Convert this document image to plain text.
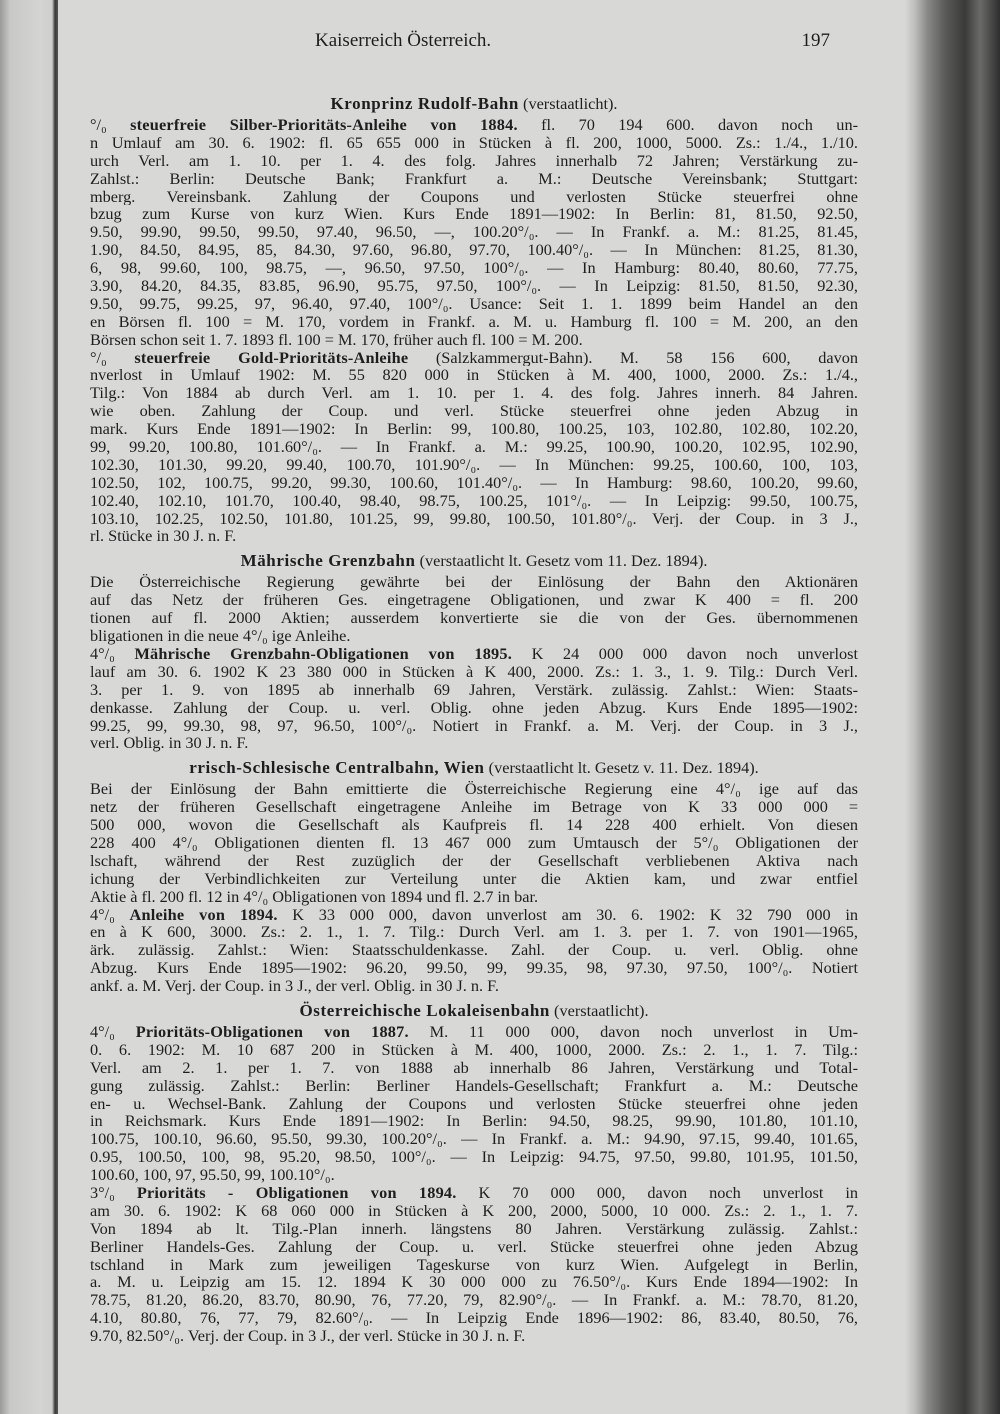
Kaiserreich Österreich.	197
Kronprinz Rudolf-Bahn (verstaatlicht).
°/₀ steuerfreie Silber-Prioritäts-Anleihe von 1884. fl. 70 194 600. davon noch un-
n Umlauf am 30. 6. 1902: fl. 65 655 000 in Stücken à fl. 200, 1000, 5000. Zs.: 1./4., 1./10.
urch Verl. am 1. 10. per 1. 4. des folg. Jahres innerhalb 72 Jahren; Verstärkung zu-
Zahlst.: Berlin: Deutsche Bank; Frankfurt a. M.: Deutsche Vereinsbank; Stuttgart:
mberg. Vereinsbank. Zahlung der Coupons und verlosten Stücke steuerfrei ohne
bzug zum Kurse von kurz Wien. Kurs Ende 1891—1902: In Berlin: 81, 81.50, 92.50,
9.50, 99.90, 99.50, 99.50, 97.40, 96.50, —, 100.20°/₀. — In Frankf. a. M.: 81.25, 81.45,
1.90, 84.50, 84.95, 85, 84.30, 97.60, 96.80, 97.70, 100.40°/₀. — In München: 81.25, 81.30,
6, 98, 99.60, 100, 98.75, —, 96.50, 97.50, 100°/₀. — In Hamburg: 80.40, 80.60, 77.75,
3.90, 84.20, 84.35, 83.85, 96.90, 95.75, 97.50, 100°/₀. — In Leipzig: 81.50, 81.50, 92.30,
9.50, 99.75, 99.25, 97, 96.40, 97.40, 100°/₀. Usance: Seit 1. 1. 1899 beim Handel an den
en Börsen fl. 100 = M. 170, vordem in Frankf. a. M. u. Hamburg fl. 100 = M. 200, an den
Börsen schon seit 1. 7. 1893 fl. 100 = M. 170, früher auch fl. 100 = M. 200.
°/₀ steuerfreie Gold-Prioritäts-Anleihe (Salzkammergut-Bahn). M. 58 156 600, davon
nverlost in Umlauf 1902: M. 55 820 000 in Stücken à M. 400, 1000, 2000. Zs.: 1./4.,
Tilg.: Von 1884 ab durch Verl. am 1. 10. per 1. 4. des folg. Jahres innerh. 84 Jahren.
wie oben. Zahlung der Coup. und verl. Stücke steuerfrei ohne jeden Abzug in
mark. Kurs Ende 1891—1902: In Berlin: 99, 100.80, 100.25, 103, 102.80, 102.80, 102.20,
99, 99.20, 100.80, 101.60°/₀. — In Frankf. a. M.: 99.25, 100.90, 100.20, 102.95, 102.90,
102.30, 101.30, 99.20, 99.40, 100.70, 101.90°/₀. — In München: 99.25, 100.60, 100, 103,
102.50, 102, 100.75, 99.20, 99.30, 100.60, 101.40°/₀. — In Hamburg: 98.60, 100.20, 99.60,
102.40, 102.10, 101.70, 100.40, 98.40, 98.75, 100.25, 101°/₀. — In Leipzig: 99.50, 100.75,
103.10, 102.25, 102.50, 101.80, 101.25, 99, 99.80, 100.50, 101.80°/₀. Verj. der Coup. in 3 J.,
rl. Stücke in 30 J. n. F.
Mährische Grenzbahn (verstaatlicht lt. Gesetz vom 11. Dez. 1894).
Die Österreichische Regierung gewährte bei der Einlösung der Bahn den Aktionären
auf das Netz der früheren Ges. eingetragene Obligationen, und zwar K 400 = fl. 200
tionen auf fl. 2000 Aktien; ausserdem konvertierte sie die von der Ges. übernommenen
bligationen in die neue 4°/₀ ige Anleihe.
4°/₀ Mährische Grenzbahn-Obligationen von 1895. K 24 000 000 davon noch unverlost
lauf am 30. 6. 1902 K 23 380 000 in Stücken à K 400, 2000. Zs.: 1. 3., 1. 9. Tilg.: Durch Verl.
3. per 1. 9. von 1895 ab innerhalb 69 Jahren, Verstärk. zulässig. Zahlst.: Wien: Staats-
denkasse. Zahlung der Coup. u. verl. Oblig. ohne jeden Abzug. Kurs Ende 1895—1902:
99.25, 99, 99.30, 98, 97, 96.50, 100°/₀. Notiert in Frankf. a. M. Verj. der Coup. in 3 J.,
verl. Oblig. in 30 J. n. F.
rrisch-Schlesische Centralbahn, Wien (verstaatlicht lt. Gesetz v. 11. Dez. 1894).
Bei der Einlösung der Bahn emittierte die Österreichische Regierung eine 4°/₀ ige auf das
netz der früheren Gesellschaft eingetragene Anleihe im Betrage von K 33 000 000 =
500 000, wovon die Gesellschaft als Kaufpreis fl. 14 228 400 erhielt. Von diesen
228 400 4°/₀ Obligationen dienten fl. 13 467 000 zum Umtausch der 5°/₀ Obligationen der
lschaft, während der Rest zuzüglich der der Gesellschaft verbliebenen Aktiva nach
ichung der Verbindlichkeiten zur Verteilung unter die Aktien kam, und zwar entfiel
Aktie à fl. 200 fl. 12 in 4°/₀ Obligationen von 1894 und fl. 2.7 in bar.
4°/₀ Anleihe von 1894. K 33 000 000, davon unverlost am 30. 6. 1902: K 32 790 000 in
en à K 600, 3000. Zs.: 2. 1., 1. 7. Tilg.: Durch Verl. am 1. 3. per 1. 7. von 1901—1965,
ärk. zulässig. Zahlst.: Wien: Staatsschuldenkasse. Zahl. der Coup. u. verl. Oblig. ohne
Abzug. Kurs Ende 1895—1902: 96.20, 99.50, 99, 99.35, 98, 97.30, 97.50, 100°/₀. Notiert
ankf. a. M. Verj. der Coup. in 3 J., der verl. Oblig. in 30 J. n. F.
Österreichische Lokaleisenbahn (verstaatlicht).
4°/₀ Prioritäts-Obligationen von 1887. M. 11 000 000, davon noch unverlost in Um-
0. 6. 1902: M. 10 687 200 in Stücken à M. 400, 1000, 2000. Zs.: 2. 1., 1. 7. Tilg.:
Verl. am 2. 1. per 1. 7. von 1888 ab innerhalb 86 Jahren, Verstärkung und Total-
gung zulässig. Zahlst.: Berlin: Berliner Handels-Gesellschaft; Frankfurt a. M.: Deutsche
en- u. Wechsel-Bank. Zahlung der Coupons und verlosten Stücke steuerfrei ohne jeden
in Reichsmark. Kurs Ende 1891—1902: In Berlin: 94.50, 98.25, 99.90, 101.80, 101.10,
100.75, 100.10, 96.60, 95.50, 99.30, 100.20°/₀. — In Frankf. a. M.: 94.90, 97.15, 99.40, 101.65,
0.95, 100.50, 100, 98, 95.20, 98.50, 100°/₀. — In Leipzig: 94.75, 97.50, 99.80, 101.95, 101.50,
100.60, 100, 97, 95.50, 99, 100.10°/₀.
3°/₀ Prioritäts - Obligationen von 1894. K 70 000 000, davon noch unverlost in
am 30. 6. 1902: K 68 060 000 in Stücken à K 200, 2000, 5000, 10 000. Zs.: 2. 1., 1. 7.
Von 1894 ab lt. Tilg.-Plan innerh. längstens 80 Jahren. Verstärkung zulässig. Zahlst.:
Berliner Handels-Ges. Zahlung der Coup. u. verl. Stücke steuerfrei ohne jeden Abzug
tschland in Mark zum jeweiligen Tageskurse von kurz Wien. Aufgelegt in Berlin,
a. M. u. Leipzig am 15. 12. 1894 K 30 000 000 zu 76.50°/₀. Kurs Ende 1894—1902: In
78.75, 81.20, 86.20, 83.70, 80.90, 76, 77.20, 79, 82.90°/₀. — In Frankf. a. M.: 78.70, 81.20,
4.10, 80.80, 76, 77, 79, 82.60°/₀. — In Leipzig Ende 1896—1902: 86, 83.40, 80.50, 76,
9.70, 82.50°/₀. Verj. der Coup. in 3 J., der verl. Stücke in 30 J. n. F.
